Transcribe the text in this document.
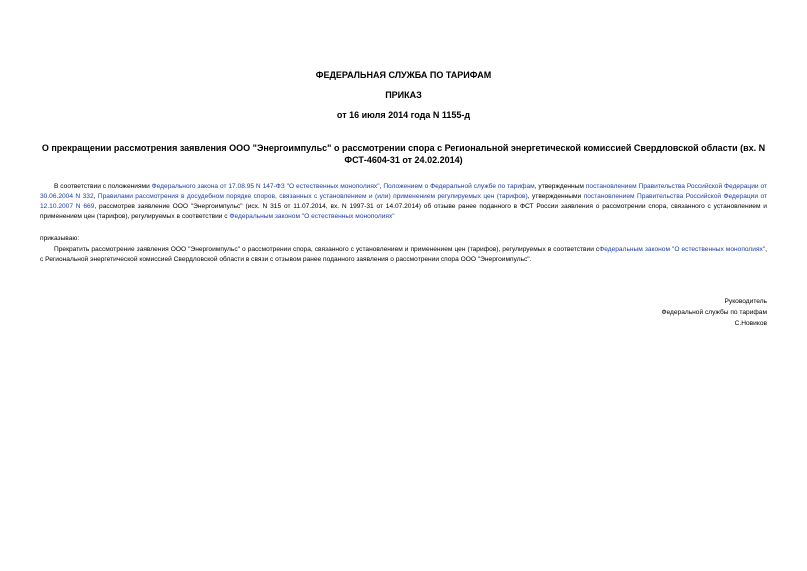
ФЕДЕРАЛЬНАЯ СЛУЖБА ПО ТАРИФАМ
ПРИКАЗ
от 16 июля 2014 года N 1155-д
О прекращении рассмотрения заявления ООО "Энергоимпульс" о рассмотрении спора с Региональной энергетической комиссией Свердловской области (вх. N ФСТ-4604-31 от 24.02.2014)
В соответствии с положениями Федерального закона от 17.08.95 N 147-ФЗ "О естественных монополиях", Положением о Федеральной службе по тарифам, утвержденным постановлением Правительства Российской Федерации от 30.06.2004 N 332, Правилами рассмотрения в досудебном порядке споров, связанных с установлением и (или) применением регулируемых цен (тарифов), утвержденными постановлением Правительства Российской Федерации от 12.10.2007 N 669, рассмотрев заявление ООО "Энергоимпульс" (исх. N 315 от 11.07.2014, вх. N 1997-31 от 14.07.2014) об отзыве ранее поданного в ФСТ России заявления о рассмотрении спора, связанного с установлением и применением цен (тарифов), регулируемых в соответствии с Федеральным законом "О естественных монополиях"
приказываю:
Прекратить рассмотрение заявления ООО "Энергоимпульс" о рассмотрении спора, связанного с установлением и применением цен (тарифов), регулируемых в соответствии сФедеральным законом "О естественных монополиях", с Региональной энергетической комиссией Свердловской области в связи с отзывом ранее поданного заявления о рассмотрении спора ООО "Энергоимпульс".
Руководитель
Федеральной службы по тарифам
С.Новиков
